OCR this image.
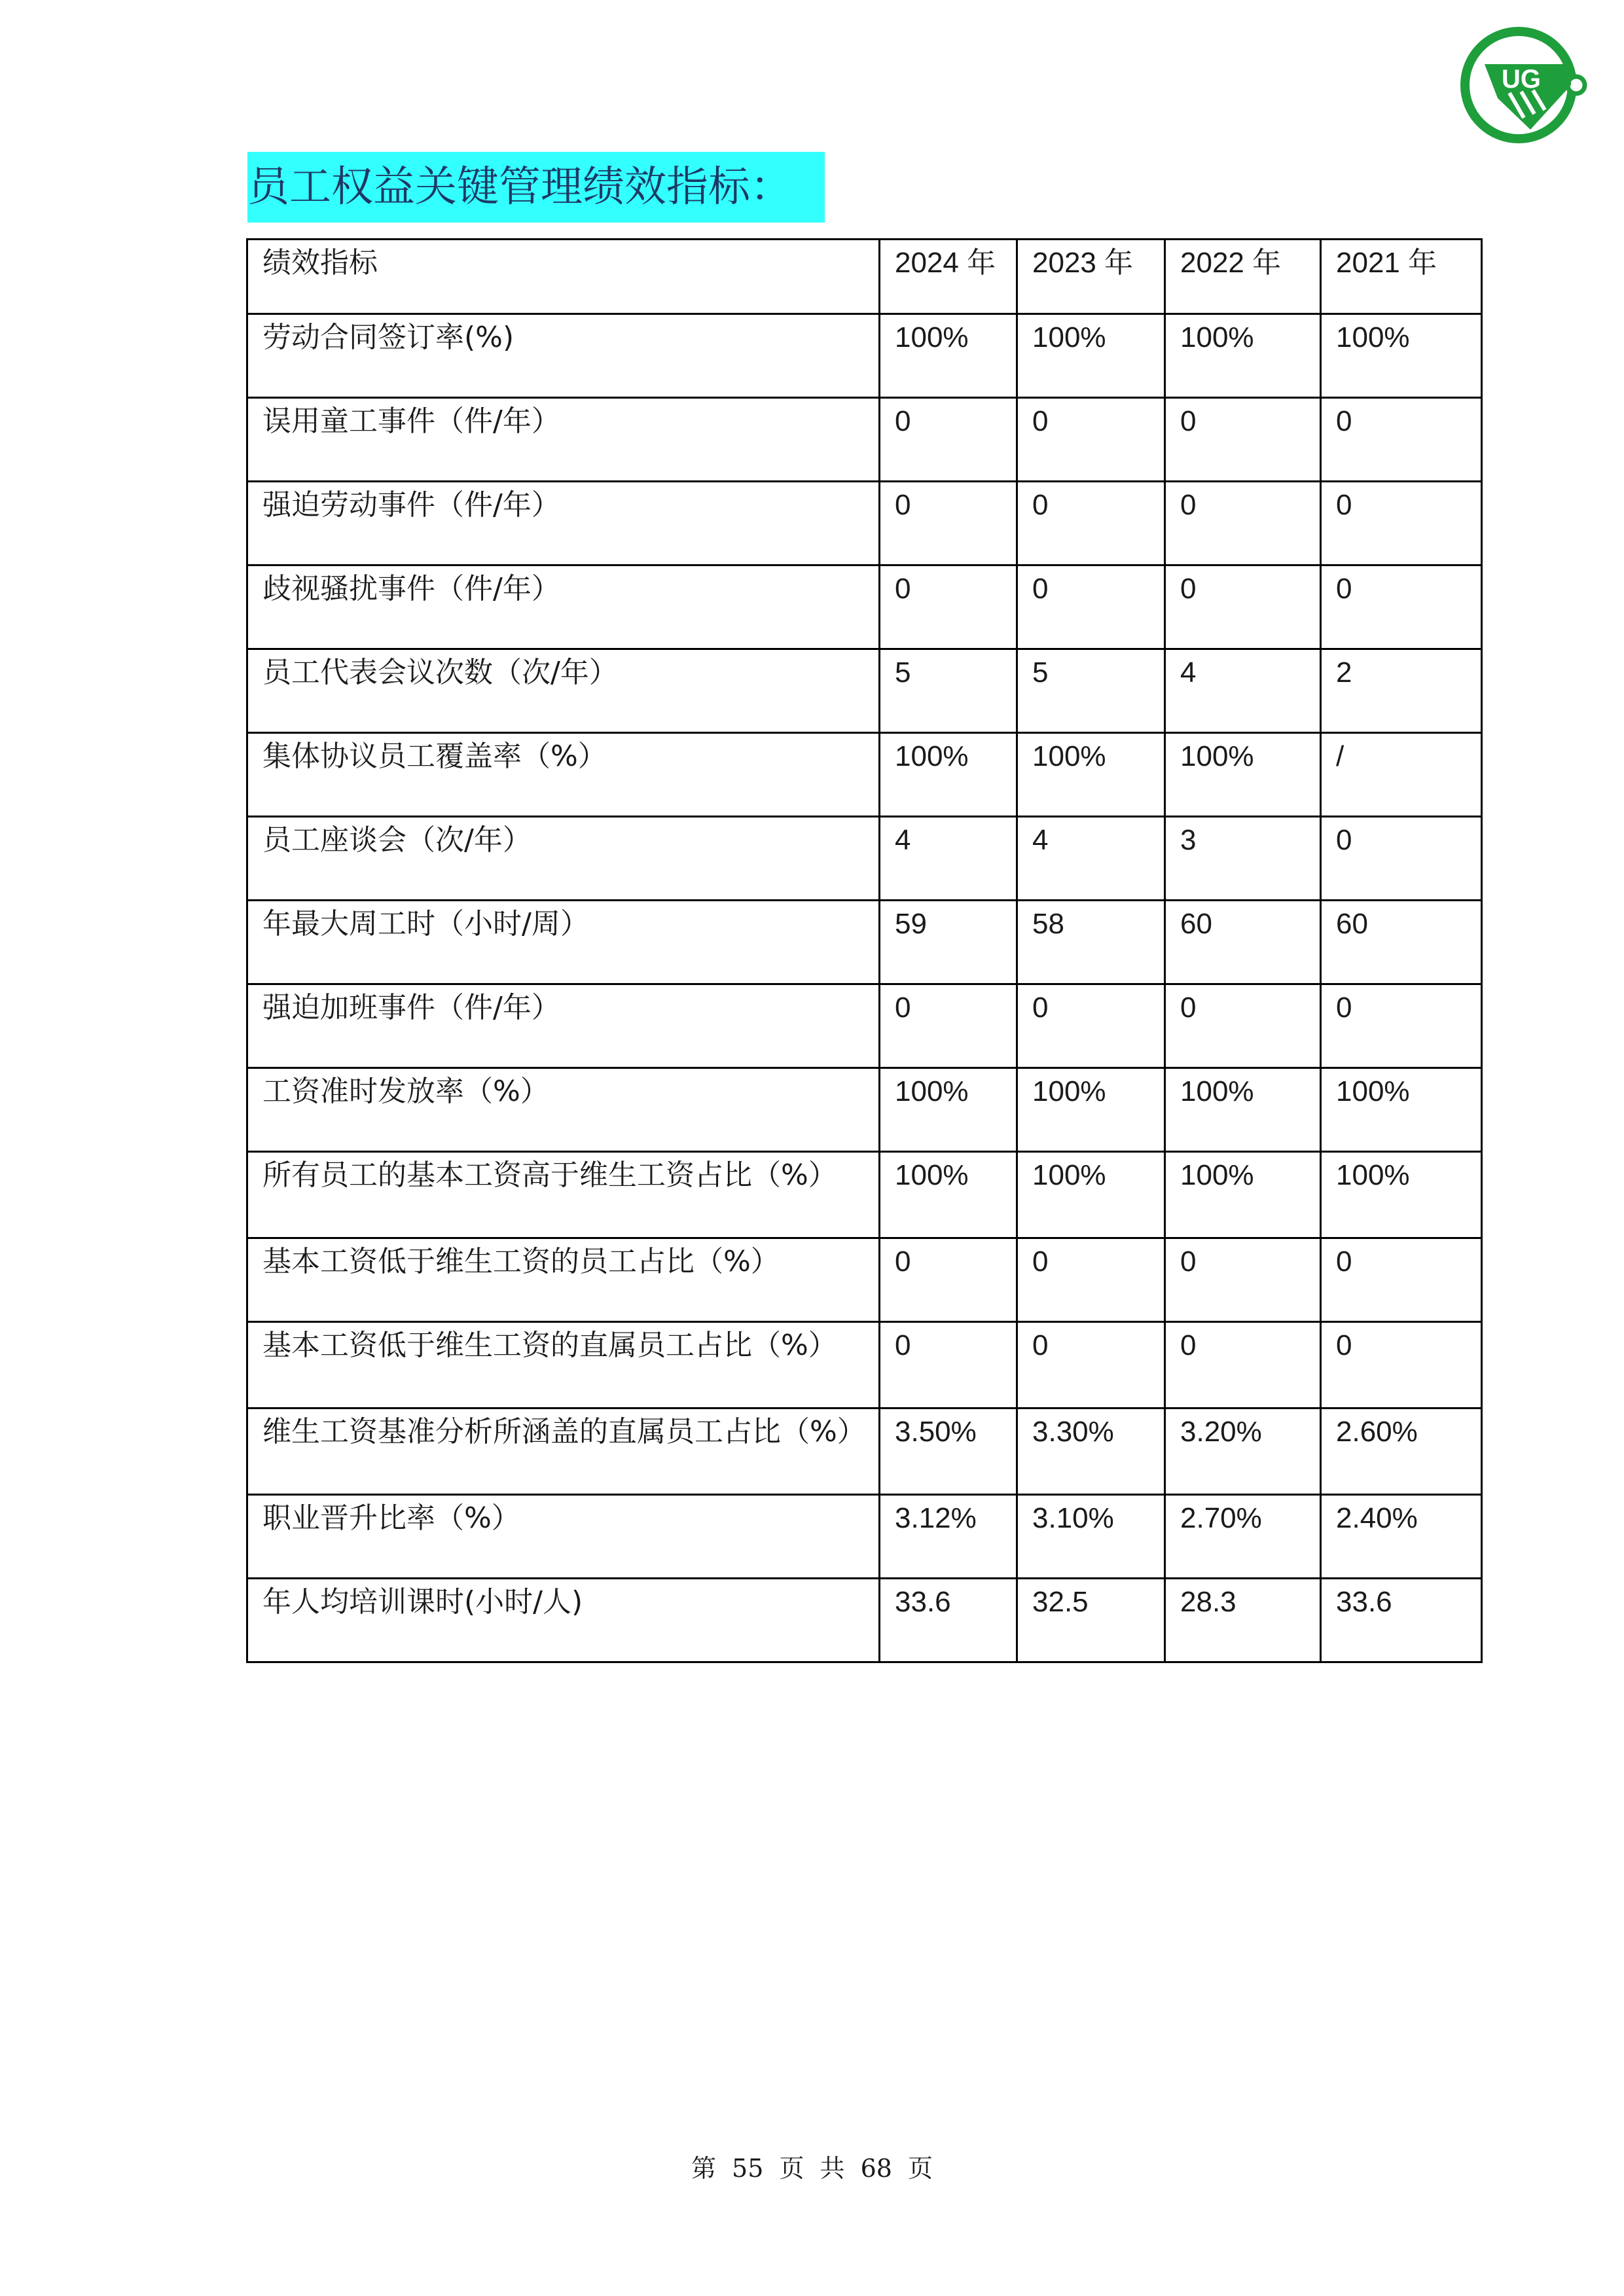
UG
员工权益关键管理绩效指标：
绩效指标	2024 年	2023 年	2022 年	2021 年
劳动合同签订率(%)	100%	100%	100%	100%
误用童工事件（件/年）	0	0	0	0
强迫劳动事件（件/年）	0	0	0	0
歧视骚扰事件（件/年）	0	0	0	0
员工代表会议次数（次/年）	5	5	4	2
集体协议员工覆盖率（%）	100%	100%	100%	/
员工座谈会（次/年）	4	4	3	0
年最大周工时（小时/周）	59	58	60	60
强迫加班事件（件/年）	0	0	0	0
工资准时发放率（%）	100%	100%	100%	100%
所有员工的基本工资高于维生工资占比（%）	100%	100%	100%	100%
基本工资低于维生工资的员工占比（%）	0	0	0	0
基本工资低于维生工资的直属员工占比（%）	0	0	0	0
维生工资基准分析所涵盖的直属员工占比（%）	3.50%	3.30%	3.20%	2.60%
职业晋升比率（%）	3.12%	3.10%	2.70%	2.40%
年人均培训课时(小时/人)	33.6	32.5	28.3	33.6
第 55 页 共 68 页
